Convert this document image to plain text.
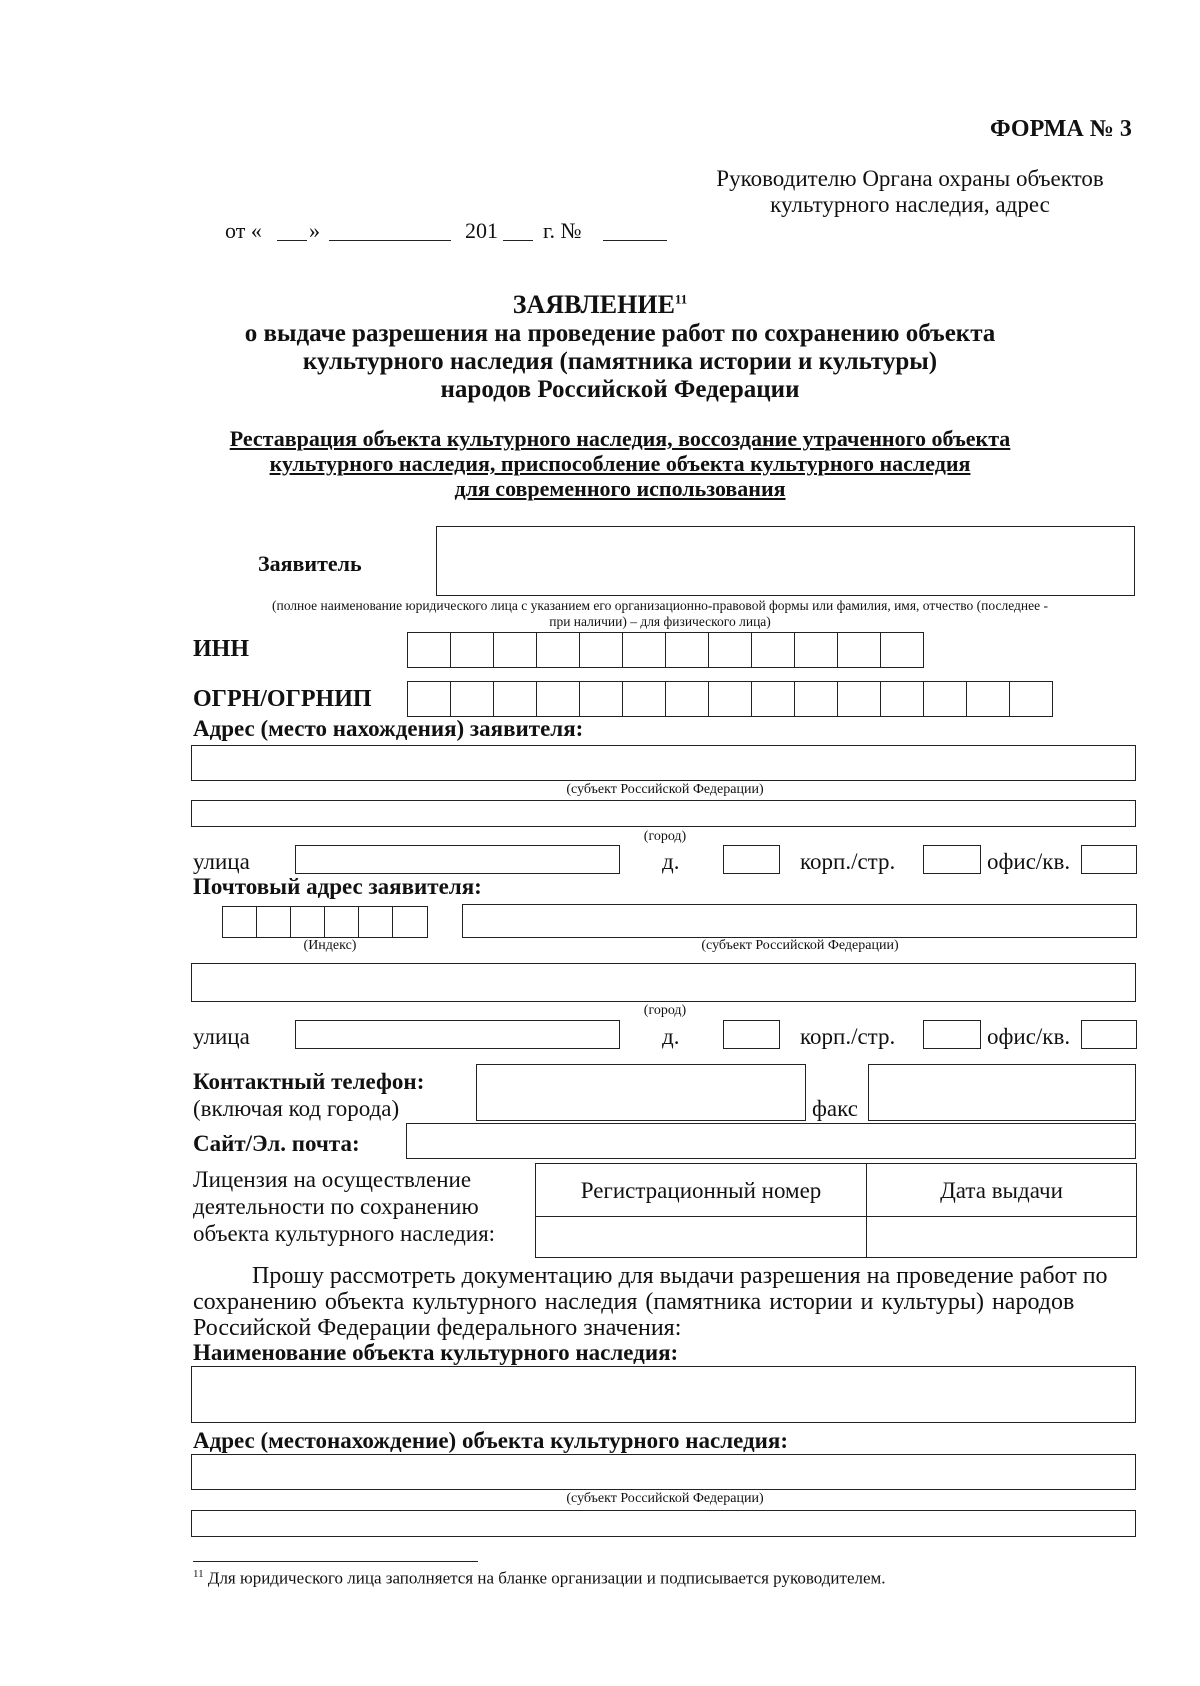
ФОРМА № 3
Руководителю Органа охраны объектов
культурного наследия, адрес
от « »	201 г. №
ЗАЯВЛЕНИЕ$^{11}$
о выдаче разрешения на проведение работ по сохранению объекта
культурного наследия (памятника истории и культуры)
народов Российской Федерации
Реставрация объекта культурного наследия, воссоздание утраченного объекта
культурного наследия, приспособление объекта культурного наследия
для современного использования
Заявитель
(полное наименование юридического лица с указанием его организационно-правовой формы или фамилия, имя, отчество (последнее -
при наличии) – для физического лица)
ИНН
ОГРН/ОГРНИП
Адрес (место нахождения) заявителя:
(субъект Российской Федерации)
(город)
улица	д.	корп./стр.	офис/кв.
Почтовый адрес заявителя:
(Индекс)	(субъект Российской Федерации)
(город)
улица	д.	корп./стр.	офис/кв.
Контактный телефон:
(включая код города)	факс
Сайт/Эл. почта:
Лицензия на осуществление
деятельности по сохранению
объекта культурного наследия:
Регистрационный номер	Дата выдачи
Прошу рассмотреть документацию для выдачи разрешения на проведение работ по
сохранению объекта культурного наследия (памятника истории и культуры) народов
Российской Федерации федерального значения:
Наименование объекта культурного наследия:
Адрес (местонахождение) объекта культурного наследия:
(субъект Российской Федерации)
$^{11}$ Для юридического лица заполняется на бланке организации и подписывается руководителем.
